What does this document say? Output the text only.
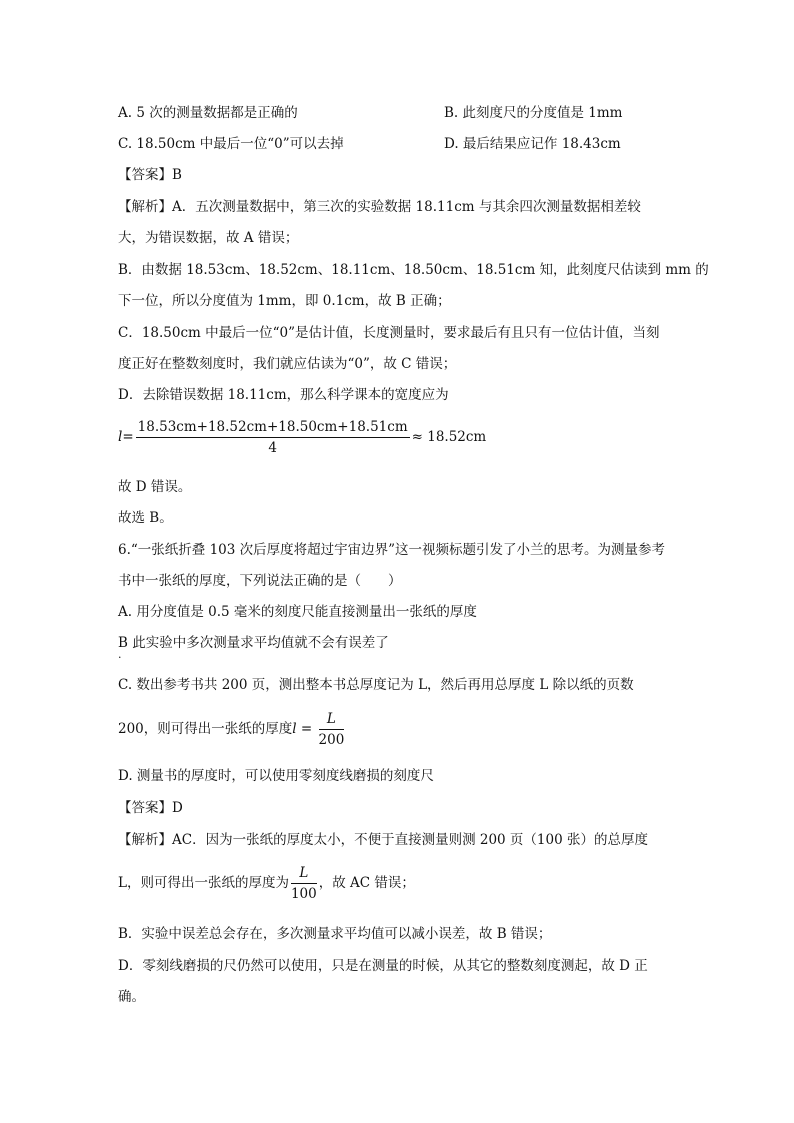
A. 5 次的测量数据都是正确的	B. 此刻度尺的分度值是 1mm
C. 18.50cm 中最后一位“0”可以去掉	D. 最后结果应记作 18.43cm
【答案】B
【解析】A．五次测量数据中，第三次的实验数据 18.11cm 与其余四次测量数据相差较
大，为错误数据，故 A 错误；
B．由数据 18.53cm、18.52cm、18.11cm、18.50cm、18.51cm 知，此刻度尺估读到 mm 的
下一位，所以分度值为 1mm，即 0.1cm，故 B 正确；
C．18.50cm 中最后一位“0”是估计值，长度测量时，要求最后有且只有一位估计值，当刻
度正好在整数刻度时，我们就应估读为“0”，故 C 错误；
D．去除错误数据 18.11cm，那么科学课本的宽度应为
$l= \frac{18.53cm+18.52cm+18.50cm+18.51cm}{4} \approx 18.52cm$
故 D 错误。
故选 B。
6.“一张纸折叠 103 次后厚度将超过宇宙边界”这一视频标题引发了小兰的思考。为测量参考
书中一张纸的厚度，下列说法正确的是（　　）
A. 用分度值是 0.5 毫米的刻度尺能直接测量出一张纸的厚度
B 此实验中多次测量求平均值就不会有误差了
.
C. 数出参考书共 200 页，测出整本书总厚度记为 L，然后再用总厚度 L 除以纸的页数
200，则可得出一张纸的厚度$l = \frac{L}{200}$
D. 测量书的厚度时，可以使用零刻度线磨损的刻度尺
【答案】D
【解析】AC．因为一张纸的厚度太小，不便于直接测量则测 200 页（100 张）的总厚度
L，则可得出一张纸的厚度为 $\frac{L}{100}$ ，故 AC 错误；
B．实验中误差总会存在，多次测量求平均值可以减小误差，故 B 错误；
D．零刻线磨损的尺仍然可以使用，只是在测量的时候，从其它的整数刻度测起，故 D 正
确。
